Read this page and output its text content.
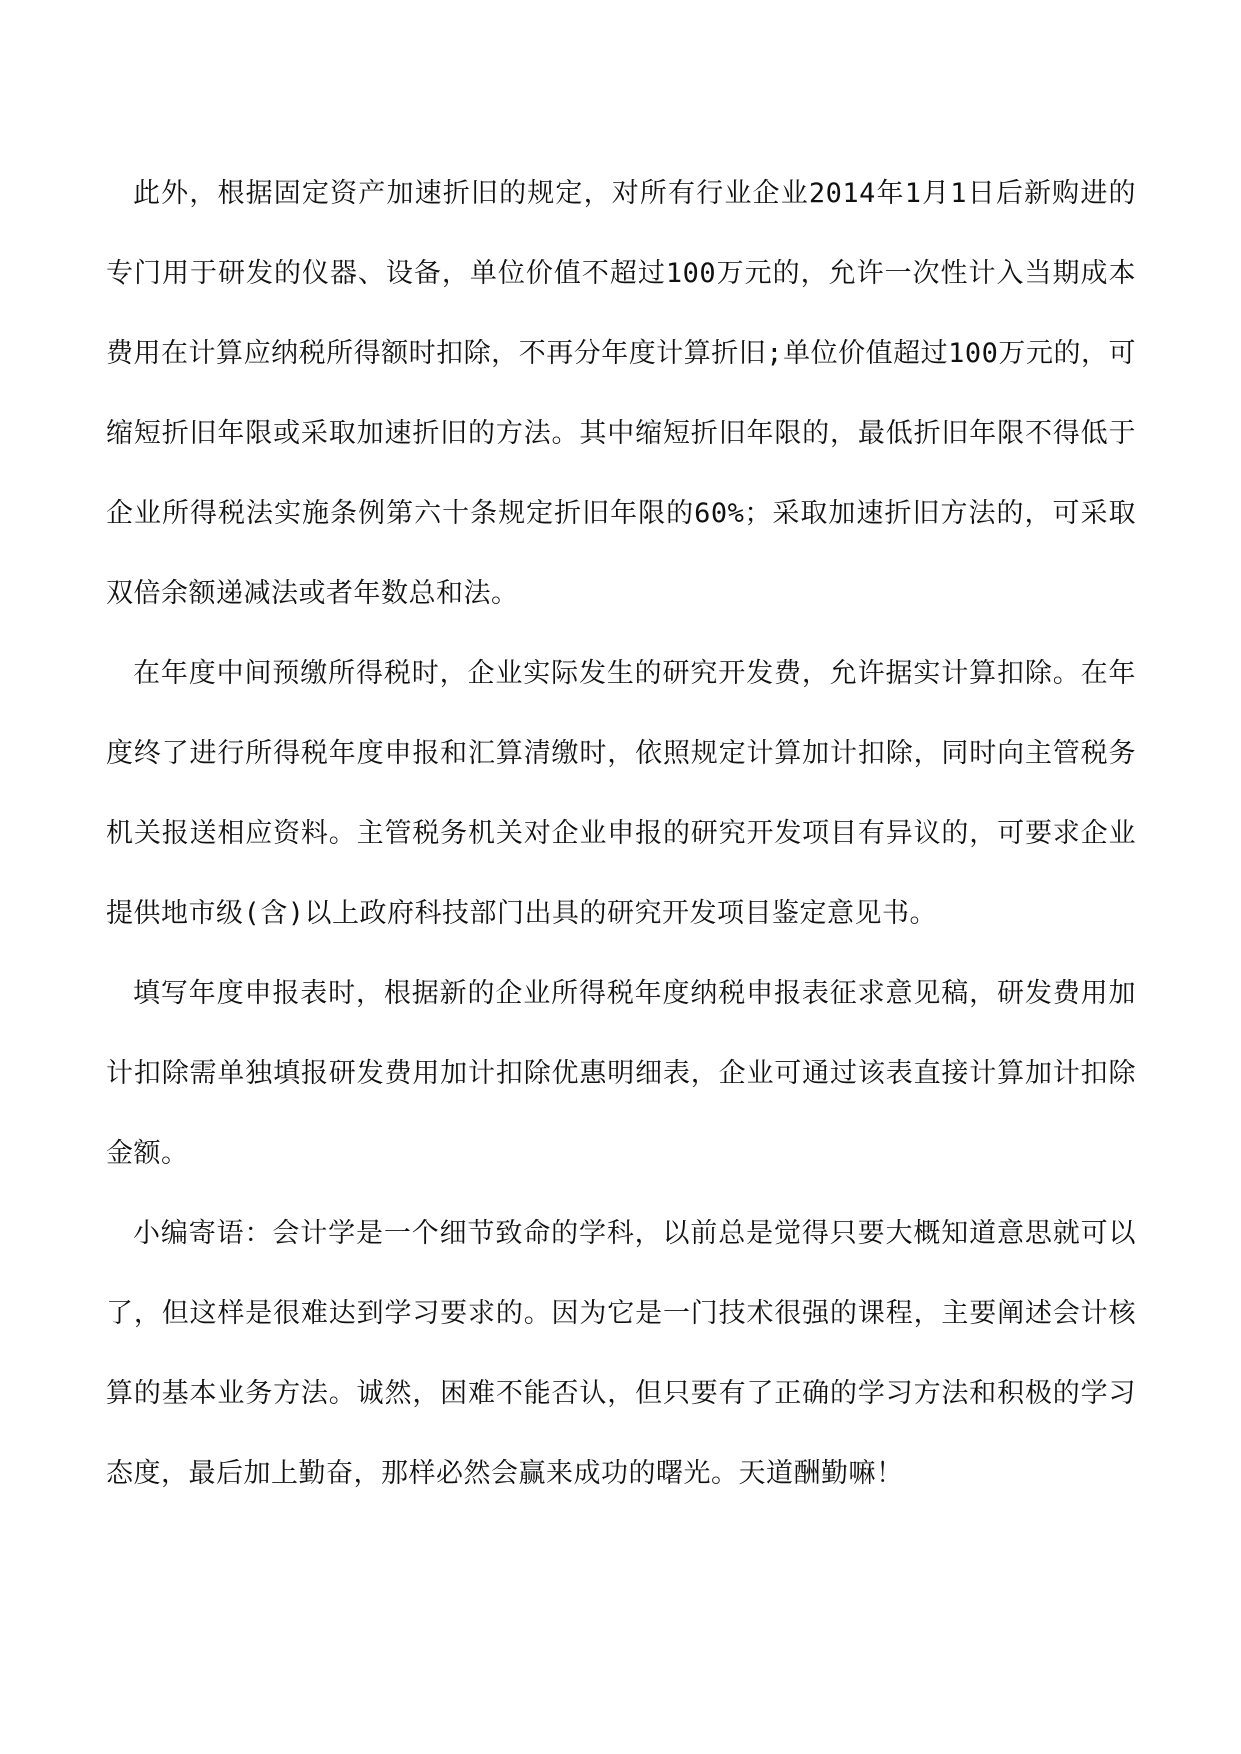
此外，根据固定资产加速折旧的规定，对所有行业企业2014年1月1日后新购进的专门用于研发的仪器、设备，单位价值不超过100万元的，允许一次性计入当期成本费用在计算应纳税所得额时扣除，不再分年度计算折旧;单位价值超过100万元的，可缩短折旧年限或采取加速折旧的方法。其中缩短折旧年限的，最低折旧年限不得低于企业所得税法实施条例第六十条规定折旧年限的60%；采取加速折旧方法的，可采取双倍余额递减法或者年数总和法。

在年度中间预缴所得税时，企业实际发生的研究开发费，允许据实计算扣除。在年度终了进行所得税年度申报和汇算清缴时，依照规定计算加计扣除，同时向主管税务机关报送相应资料。主管税务机关对企业申报的研究开发项目有异议的，可要求企业提供地市级(含)以上政府科技部门出具的研究开发项目鉴定意见书。

填写年度申报表时，根据新的企业所得税年度纳税申报表征求意见稿，研发费用加计扣除需单独填报研发费用加计扣除优惠明细表，企业可通过该表直接计算加计扣除金额。

小编寄语：会计学是一个细节致命的学科，以前总是觉得只要大概知道意思就可以了，但这样是很难达到学习要求的。因为它是一门技术很强的课程，主要阐述会计核算的基本业务方法。诚然，困难不能否认，但只要有了正确的学习方法和积极的学习态度，最后加上勤奋，那样必然会赢来成功的曙光。天道酬勤嘛！
